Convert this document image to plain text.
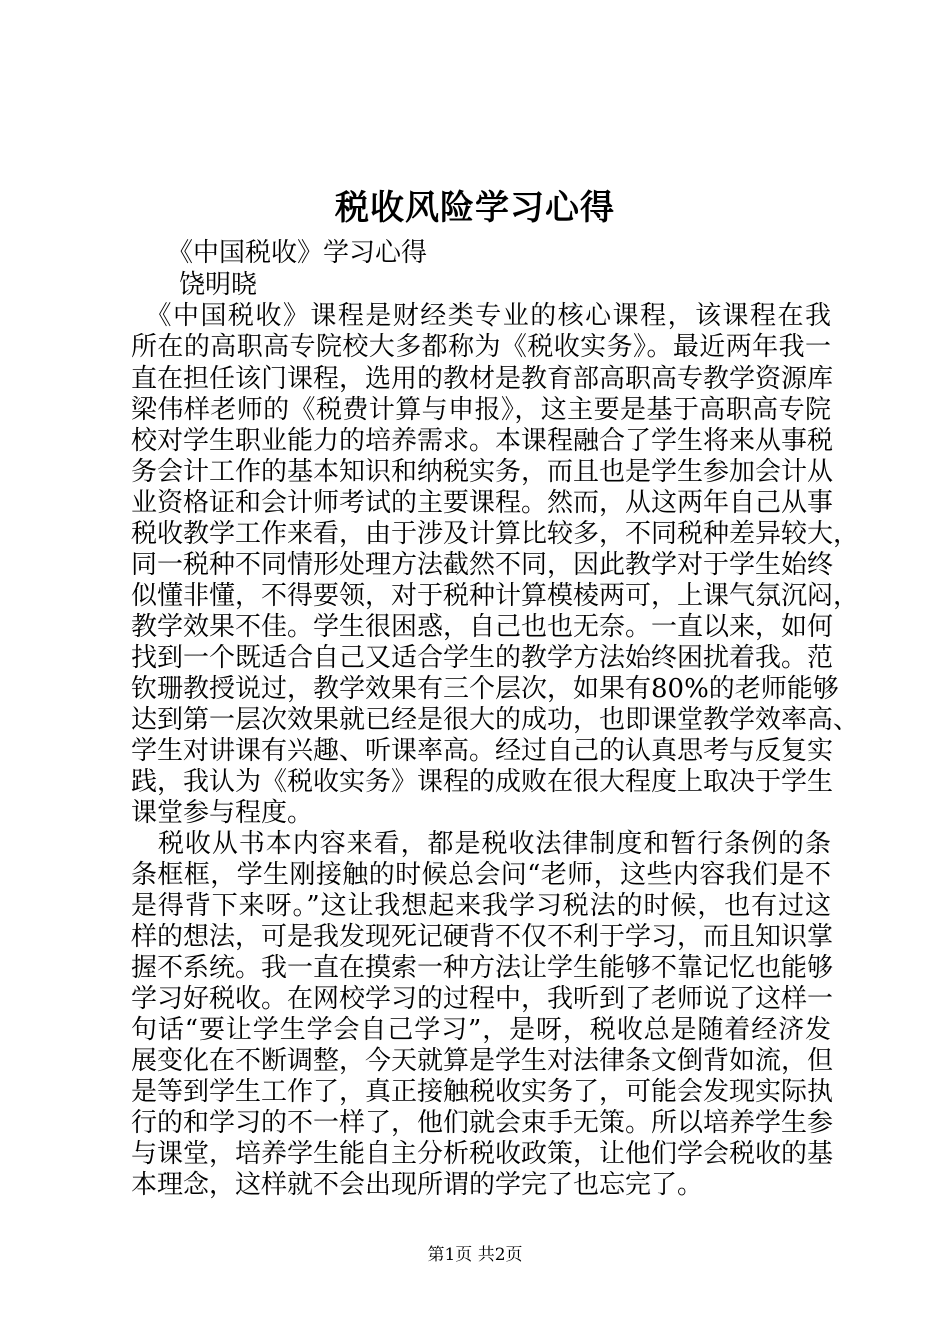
税收风险学习心得
《中国税收》学习心得
饶明晓
　《中国税收》课程是财经类专业的核心课程，该课程在我
所在的高职高专院校大多都称为《税收实务》。最近两年我一
直在担任该门课程，选用的教材是教育部高职高专教学资源库
梁伟样老师的《税费计算与申报》，这主要是基于高职高专院
校对学生职业能力的培养需求。本课程融合了学生将来从事税
务会计工作的基本知识和纳税实务，而且也是学生参加会计从
业资格证和会计师考试的主要课程。然而，从这两年自己从事
税收教学工作来看，由于涉及计算比较多，不同税种差异较大，
同一税种不同情形处理方法截然不同，因此教学对于学生始终
似懂非懂，不得要领，对于税种计算模棱两可，上课气氛沉闷，
教学效果不佳。学生很困惑，自己也也无奈。一直以来，如何
找到一个既适合自己又适合学生的教学方法始终困扰着我。范
钦珊教授说过，教学效果有三个层次，如果有80%的老师能够
达到第一层次效果就已经是很大的成功，也即课堂教学效率高、
学生对讲课有兴趣、听课率高。经过自己的认真思考与反复实
践，我认为《税收实务》课程的成败在很大程度上取决于学生
课堂参与程度。
　税收从书本内容来看，都是税收法律制度和暂行条例的条
条框框，学生刚接触的时候总会问“老师，这些内容我们是不
是得背下来呀。”这让我想起来我学习税法的时候，也有过这
样的想法，可是我发现死记硬背不仅不利于学习，而且知识掌
握不系统。我一直在摸索一种方法让学生能够不靠记忆也能够
学习好税收。在网校学习的过程中，我听到了老师说了这样一
句话“要让学生学会自己学习”，是呀，税收总是随着经济发
展变化在不断调整，今天就算是学生对法律条文倒背如流，但
是等到学生工作了，真正接触税收实务了，可能会发现实际执
行的和学习的不一样了，他们就会束手无策。所以培养学生参
与课堂，培养学生能自主分析税收政策，让他们学会税收的基
本理念，这样就不会出现所谓的学完了也忘完了。
第1页 共2页
